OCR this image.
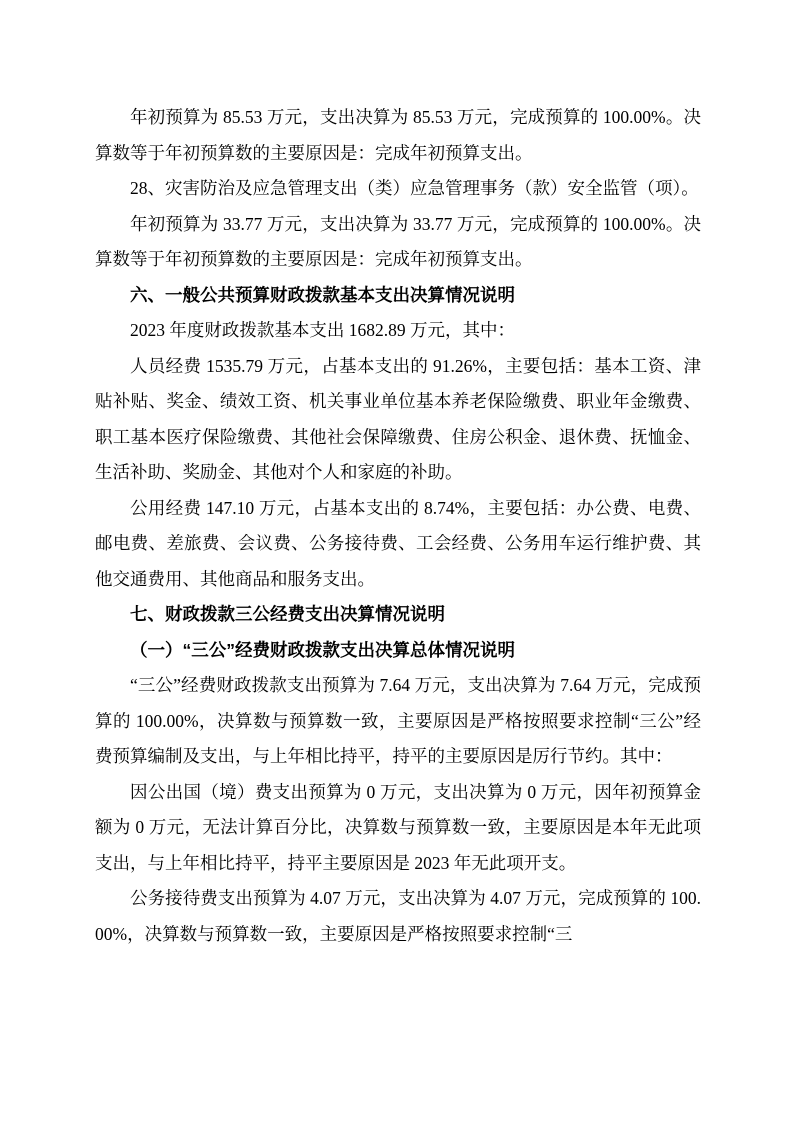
年初预算为 85.53 万元，支出决算为 85.53 万元，完成预算的 100.00%。决算数等于年初预算数的主要原因是：完成年初预算支出。

28、灾害防治及应急管理支出（类）应急管理事务（款）安全监管（项）。

年初预算为 33.77 万元，支出决算为 33.77 万元，完成预算的 100.00%。决算数等于年初预算数的主要原因是：完成年初预算支出。

六、一般公共预算财政拨款基本支出决算情况说明

2023 年度财政拨款基本支出 1682.89 万元，其中：

人员经费 1535.79 万元，占基本支出的 91.26%，主要包括：基本工资、津贴补贴、奖金、绩效工资、机关事业单位基本养老保险缴费、职业年金缴费、职工基本医疗保险缴费、其他社会保障缴费、住房公积金、退休费、抚恤金、生活补助、奖励金、其他对个人和家庭的补助。

公用经费 147.10 万元，占基本支出的 8.74%，主要包括：办公费、电费、邮电费、差旅费、会议费、公务接待费、工会经费、公务用车运行维护费、其他交通费用、其他商品和服务支出。

七、财政拨款三公经费支出决算情况说明
（一）“三公”经费财政拨款支出决算总体情况说明

“三公”经费财政拨款支出预算为 7.64 万元，支出决算为 7.64 万元，完成预算的 100.00%，决算数与预算数一致，主要原因是严格按照要求控制“三公”经费预算编制及支出，与上年相比持平，持平的主要原因是厉行节约。其中：

因公出国（境）费支出预算为 0 万元，支出决算为 0 万元，因年初预算金额为 0 万元，无法计算百分比，决算数与预算数一致，主要原因是本年无此项支出，与上年相比持平，持平主要原因是 2023 年无此项开支。

公务接待费支出预算为 4.07 万元，支出决算为 4.07 万元，完成预算的 100.00%，决算数与预算数一致，主要原因是严格按照要求控制“三
